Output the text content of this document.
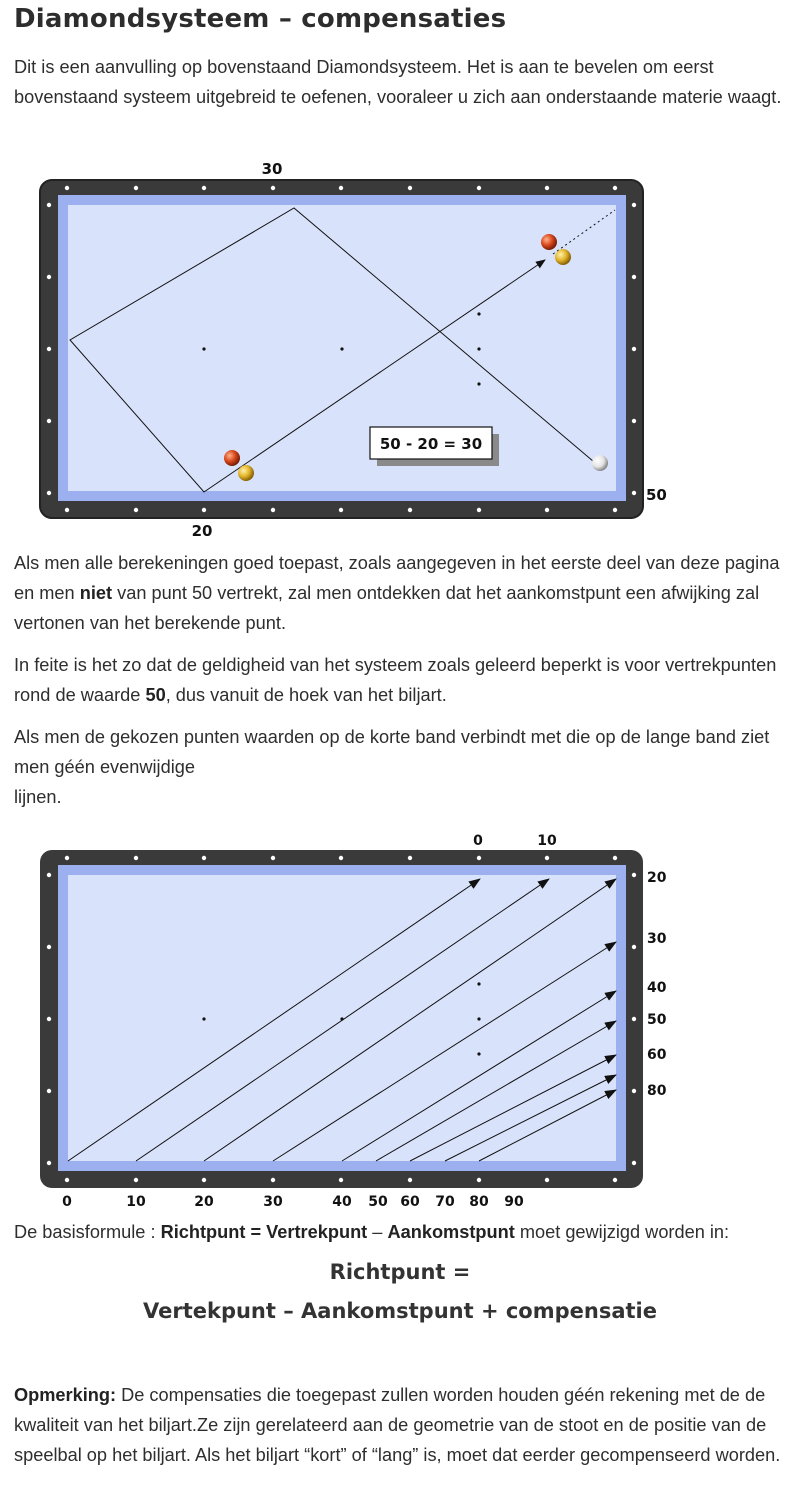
Diamondsysteem – compensaties

Dit is een aanvulling op bovenstaand Diamondsysteem. Het is aan te bevelen om eerst bovenstaand systeem uitgebreid te oefenen, vooraleer u zich aan onderstaande materie waagt.

50 - 20 = 30
30
20
50

Als men alle berekeningen goed toepast, zoals aangegeven in het eerste deel van deze pagina en men niet van punt 50 vertrekt, zal men ontdekken dat het aankomstpunt een afwijking zal vertonen van het berekende punt.

In feite is het zo dat de geldigheid van het systeem zoals geleerd beperkt is voor vertrekpunten rond de waarde 50, dus vanuit de hoek van het biljart.

Als men de gekozen punten waarden op de korte band verbindt met die op de lange band ziet men géén evenwijdige
lijnen.

0	10
20
30
40
50
60
80
0	10	20	30	40 50 60 70 80 90

De basisformule : Richtpunt = Vertrekpunt – Aankomstpunt moet gewijzigd worden in:

Richtpunt =

Vertekpunt – Aankomstpunt + compensatie

Opmerking: De compensaties die toegepast zullen worden houden géén rekening met de de kwaliteit van het biljart.Ze zijn gerelateerd aan de geometrie van de stoot en de positie van de speelbal op het biljart. Als het biljart “kort” of “lang” is, moet dat eerder gecompenseerd worden.
